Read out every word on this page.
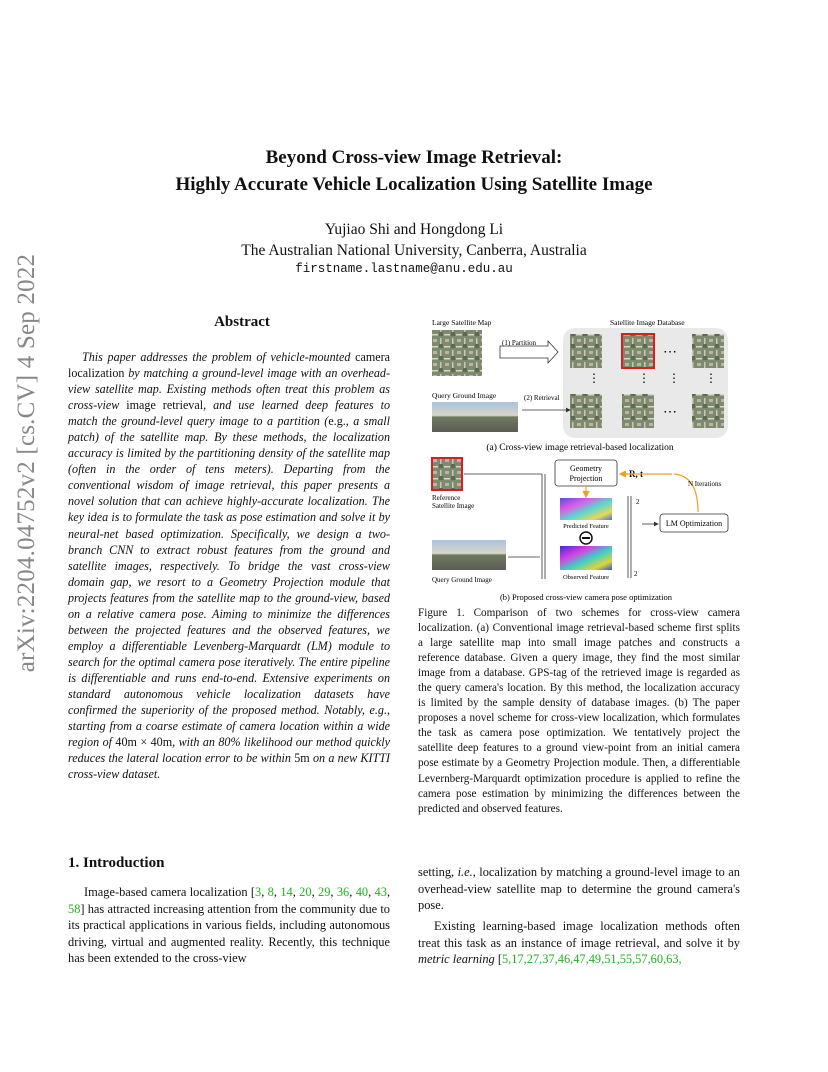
arXiv:2204.04752v2 [cs.CV] 4 Sep 2022
Beyond Cross-view Image Retrieval:
Highly Accurate Vehicle Localization Using Satellite Image
Yujiao Shi and Hongdong Li
The Australian National University, Canberra, Australia
firstname.lastname@anu.edu.au
Abstract
This paper addresses the problem of vehicle-mounted camera localization by matching a ground-level image with an overhead-view satellite map. Existing methods often treat this problem as cross-view image retrieval, and use learned deep features to match the ground-level query image to a partition (e.g., a small patch) of the satellite map. By these methods, the localization accuracy is limited by the partitioning density of the satellite map (often in the order of tens meters). Departing from the conventional wisdom of image retrieval, this paper presents a novel solution that can achieve highly-accurate localization. The key idea is to formulate the task as pose estimation and solve it by neural-net based optimization. Specifically, we design a two-branch CNN to extract robust features from the ground and satellite images, respectively. To bridge the vast cross-view domain gap, we resort to a Geometry Projection module that projects features from the satellite map to the ground-view, based on a relative camera pose. Aiming to minimize the differences between the projected features and the observed features, we employ a differentiable Levenberg-Marquardt (LM) module to search for the optimal camera pose iteratively. The entire pipeline is differentiable and runs end-to-end. Extensive experiments on standard autonomous vehicle localization datasets have confirmed the superiority of the proposed method. Notably, e.g., starting from a coarse estimate of camera location within a wide region of 40m × 40m, with an 80% likelihood our method quickly reduces the lateral location error to be within 5m on a new KITTI cross-view dataset.
1. Introduction
Image-based camera localization [3, 8, 14, 20, 29, 36, 40, 43, 58] has attracted increasing attention from the community due to its practical applications in various fields, including autonomous driving, virtual and augmented reality. Recently, this technique has been extended to the cross-view
setting, i.e., localization by matching a ground-level image to an overhead-view satellite map to determine the ground camera's pose.
Existing learning-based image localization methods often treat this task as an instance of image retrieval, and solve it by metric learning [5,17,27,37,46,47,49,51,55,57,60,63,
Large Satellite Map	Satellite Image Database
⋯
⋮	⋮ ⋮ ⋮
⋯
(1) Partition
Query Ground Image	(2) Retrieval
(a) Cross-view image retrieval-based localization
Reference
Satellite Image
Geometry
Projection	R, t
N Iterations
LM Optimization
Predicted Feature
Observed Feature
2
2
Query Ground Image
(b) Proposed cross-view camera pose optimization
Figure 1. Comparison of two schemes for cross-view camera localization. (a) Conventional image retrieval-based scheme first splits a large satellite map into small image patches and constructs a reference database. Given a query image, they find the most similar image from a database. GPS-tag of the retrieved image is regarded as the query camera's location. By this method, the localization accuracy is limited by the sample density of database images. (b) The paper proposes a novel scheme for cross-view localization, which formulates the task as camera pose optimization. We tentatively project the satellite deep features to a ground view-point from an initial camera pose estimate by a Geometry Projection module. Then, a differentiable Levernberg-Marquardt optimization procedure is applied to refine the camera pose estimation by minimizing the differences between the predicted and observed features.
